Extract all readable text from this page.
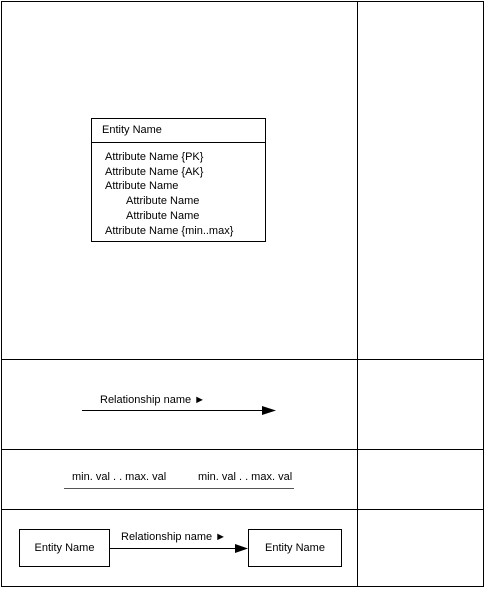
Entity Name
Attribute Name {PK}
Attribute Name {AK}
Attribute Name
Attribute Name
Attribute Name
Attribute Name {min..max}
Relationship name ►
min. val . . max. val	min. val . . max. val
Entity Name
Relationship name ►
Entity Name
